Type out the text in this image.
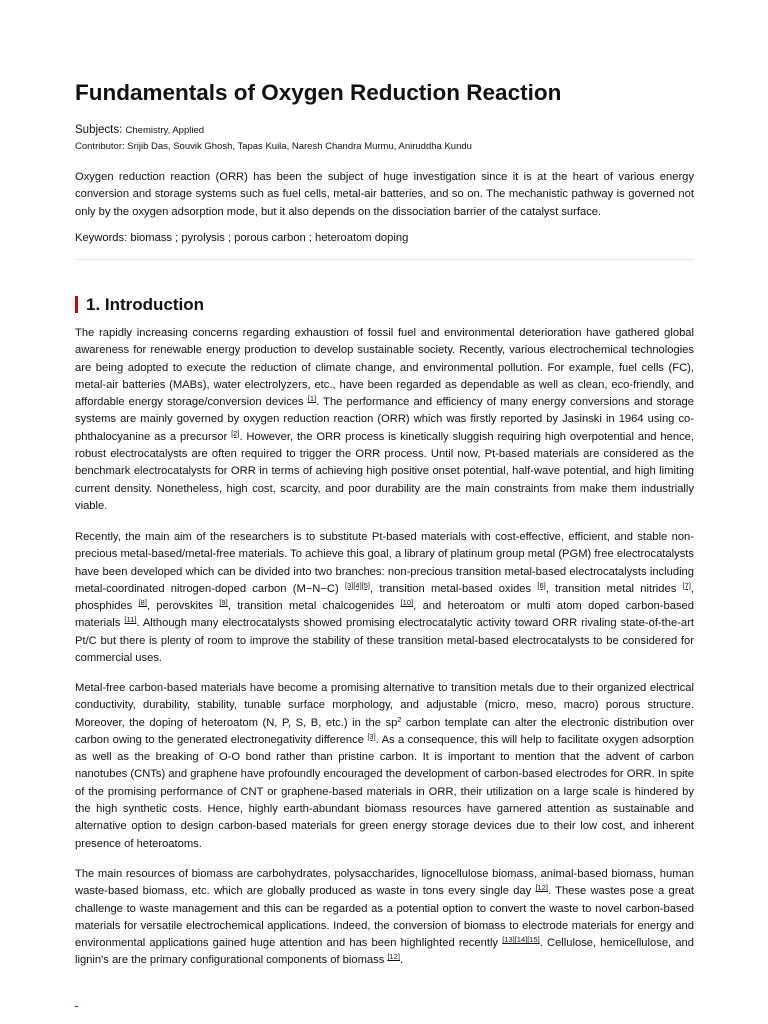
Fundamentals of Oxygen Reduction Reaction
Subjects: Chemistry, Applied
Contributor: Srijib Das, Souvik Ghosh, Tapas Kuila, Naresh Chandra Murmu, Aniruddha Kundu

Oxygen reduction reaction (ORR) has been the subject of huge investigation since it is at the heart of various energy conversion and storage systems such as fuel cells, metal-air batteries, and so on. The mechanistic pathway is governed not only by the oxygen adsorption mode, but it also depends on the dissociation barrier of the catalyst surface.

Keywords: biomass ; pyrolysis ; porous carbon ; heteroatom doping
1. Introduction

The rapidly increasing concerns regarding exhaustion of fossil fuel and environmental deterioration have gathered global awareness for renewable energy production to develop sustainable society. Recently, various electrochemical technologies are being adopted to execute the reduction of climate change, and environmental pollution. For example, fuel cells (FC), metal-air batteries (MABs), water electrolyzers, etc., have been regarded as dependable as well as clean, eco-friendly, and affordable energy storage/conversion devices [1]. The performance and efficiency of many energy conversions and storage systems are mainly governed by oxygen reduction reaction (ORR) which was firstly reported by Jasinski in 1964 using co-phthalocyanine as a precursor [2]. However, the ORR process is kinetically sluggish requiring high overpotential and hence, robust electrocatalysts are often required to trigger the ORR process. Until now, Pt-based materials are considered as the benchmark electrocatalysts for ORR in terms of achieving high positive onset potential, half-wave potential, and high limiting current density. Nonetheless, high cost, scarcity, and poor durability are the main constraints from make them industrially viable.

Recently, the main aim of the researchers is to substitute Pt-based materials with cost-effective, efficient, and stable non-precious metal-based/metal-free materials. To achieve this goal, a library of platinum group metal (PGM) free electrocatalysts have been developed which can be divided into two branches: non-precious transition metal-based electrocatalysts including metal-coordinated nitrogen-doped carbon (M−N−C) [3][4][5], transition metal-based oxides [6], transition metal nitrides [7], phosphides [8], perovskites [9], transition metal chalcogenides [10], and heteroatom or multi atom doped carbon-based materials [11]. Although many electrocatalysts showed promising electrocatalytic activity toward ORR rivaling state-of-the-art Pt/C but there is plenty of room to improve the stability of these transition metal-based electrocatalysts to be considered for commercial uses.

Metal-free carbon-based materials have become a promising alternative to transition metals due to their organized electrical conductivity, durability, stability, tunable surface morphology, and adjustable (micro, meso, macro) porous structure. Moreover, the doping of heteroatom (N, P, S, B, etc.) in the $sp^2$ carbon template can alter the electronic distribution over carbon owing to the generated electronegativity difference [3]. As a consequence, this will help to facilitate oxygen adsorption as well as the breaking of O-O bond rather than pristine carbon. It is important to mention that the advent of carbon nanotubes (CNTs) and graphene have profoundly encouraged the development of carbon-based electrodes for ORR. In spite of the promising performance of CNT or graphene-based materials in ORR, their utilization on a large scale is hindered by the high synthetic costs. Hence, highly earth-abundant biomass resources have garnered attention as sustainable and alternative option to design carbon-based materials for green energy storage devices due to their low cost, and inherent presence of heteroatoms.

The main resources of biomass are carbohydrates, polysaccharides, lignocellulose biomass, animal-based biomass, human waste-based biomass, etc. which are globally produced as waste in tons every single day [12]. These wastes pose a great challenge to waste management and this can be regarded as a potential option to convert the waste to novel carbon-based materials for versatile electrochemical applications. Indeed, the conversion of biomass to electrode materials for energy and environmental applications gained huge attention and has been highlighted recently [13][14][15]. Cellulose, hemicellulose, and lignin's are the primary configurational components of biomass [12].
